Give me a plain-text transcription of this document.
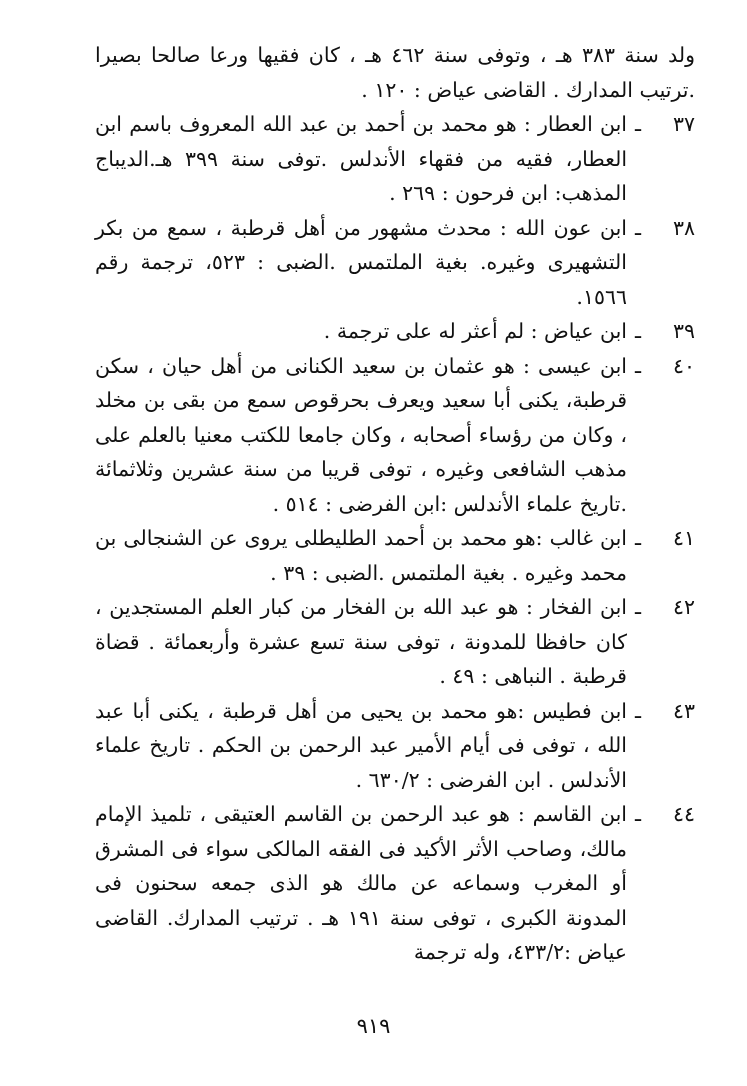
ولد سنة ٣٨٣ هـ ، وتوفى سنة ٤٦٢ هـ ، كان فقيها ورعا صالحا بصيرا .ترتيب المدارك . القاضى عياض : ١٢٠ .
٣٧
ـ
ابن العطار : هو محمد بن أحمد بن عبد الله المعروف باسم ابن العطار، فقيه من فقهاء الأندلس .توفى سنة ٣٩٩ هـ.الديباج المذهب: ابن فرحون : ٢٦٩ .
٣٨
ـ
ابن عون الله : محدث مشهور من أهل قرطبة ، سمع من بكر التشهيرى وغيره. بغية الملتمس .الضبى : ٥٢٣، ترجمة رقم ١٥٦٦.
٣٩
ـ
ابن عياض : لم أعثر له على ترجمة .
٤٠
ـ
ابن عيسى : هو عثمان بن سعيد الكنانى من أهل حيان ، سكن قرطبة، يكنى أبا سعيد ويعرف بحرقوص سمع من بقى بن مخلد ، وكان من رؤساء أصحابه ، وكان جامعا للكتب معنيا بالعلم على مذهب الشافعى وغيره ، توفى قريبا من سنة عشرين وثلاثمائة .تاريخ علماء الأندلس :ابن الفرضى : ٥١٤ .
٤١
ـ
ابن غالب :هو محمد بن أحمد الطليطلى يروى عن الشنجالى بن محمد وغيره . بغية الملتمس .الضبى : ٣٩ .
٤٢
ـ
ابن الفخار : هو عبد الله بن الفخار من كبار العلم المستجدين ، كان حافظا للمدونة ، توفى سنة تسع عشرة وأربعمائة . قضاة قرطبة . النباهى : ٤٩ .
٤٣
ـ
ابن فطيس :هو محمد بن يحيى من أهل قرطبة ، يكنى أبا عبد الله ، توفى فى أيام الأمير عبد الرحمن بن الحكم . تاريخ علماء الأندلس . ابن الفرضى : ٦٣٠/٢ .
٤٤
ـ
ابن القاسم : هو عبد الرحمن بن القاسم العتيقى ، تلميذ الإمام مالك، وصاحب الأثر الأكيد فى الفقه المالكى سواء فى المشرق أو المغرب وسماعه عن مالك هو الذى جمعه سحنون فى المدونة الكبرى ، توفى سنة ١٩١ هـ . ترتيب المدارك. القاضى عياض :٤٣٣/٢، وله ترجمة
٩١٩
